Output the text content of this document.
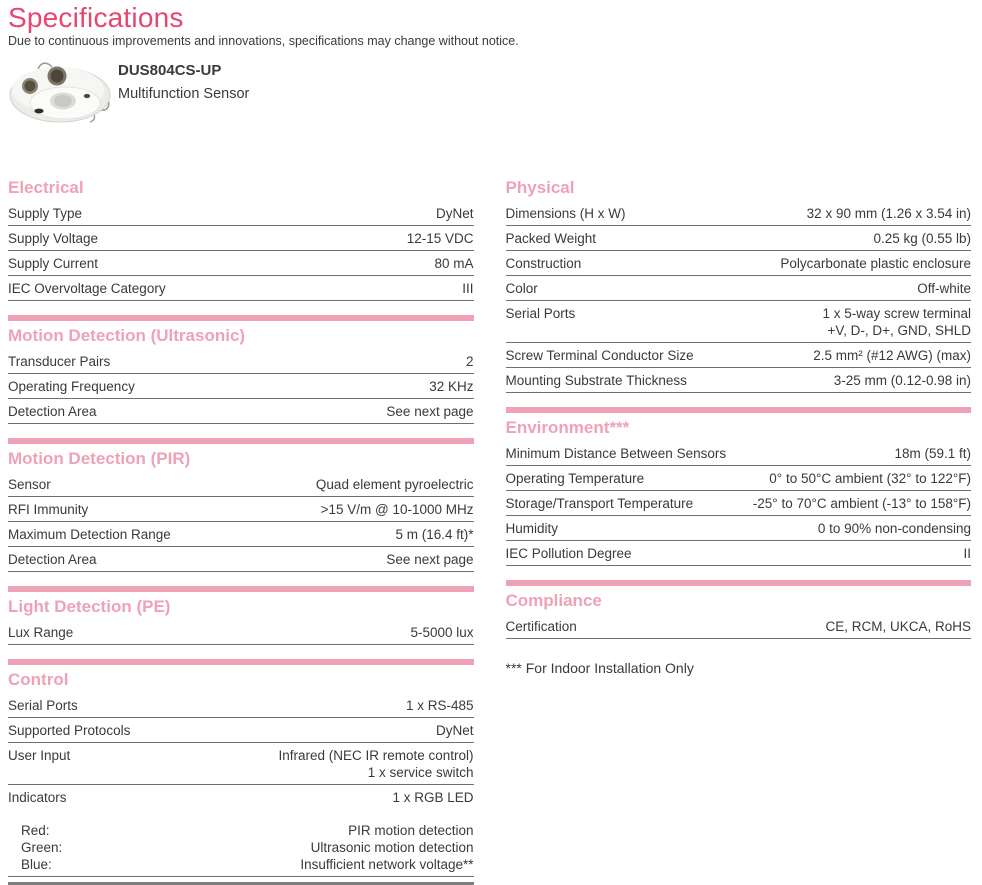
Specifications
Due to continuous improvements and innovations, specifications may change without notice.
DUS804CS-UP
Multifunction Sensor
Electrical
Supply Type	DyNet
Supply Voltage	12-15 VDC
Supply Current	80 mA
IEC Overvoltage Category	III
Motion Detection (Ultrasonic)
Transducer Pairs	2
Operating Frequency	32 KHz
Detection Area	See next page
Motion Detection (PIR)
Sensor	Quad element pyroelectric
RFI Immunity	>15 V/m @ 10-1000 MHz
Maximum Detection Range	5 m (16.4 ft)*
Detection Area	See next page
Light Detection (PE)
Lux Range	5-5000 lux
Control
Serial Ports	1 x RS-485
Supported Protocols	DyNet
User Input	Infrared (NEC IR remote control)
1 x service switch
Indicators	1 x RGB LED
Red:	PIR motion detection
Green:	Ultrasonic motion detection
Blue:	Insufficient network voltage**
Physical
Dimensions (H x W)	32 x 90 mm (1.26 x 3.54 in)
Packed Weight	0.25 kg (0.55 lb)
Construction	Polycarbonate plastic enclosure
Color	Off-white
Serial Ports	1 x 5-way screw terminal
+V, D-, D+, GND, SHLD
Screw Terminal Conductor Size	2.5 mm² (#12 AWG) (max)
Mounting Substrate Thickness	3-25 mm (0.12-0.98 in)
Environment***
Minimum Distance Between Sensors	18m (59.1 ft)
Operating Temperature	0° to 50°C ambient (32° to 122°F)
Storage/Transport Temperature	-25° to 70°C ambient (-13° to 158°F)
Humidity	0 to 90% non-condensing
IEC Pollution Degree	II
Compliance
Certification	CE, RCM, UKCA, RoHS
*** For Indoor Installation Only
